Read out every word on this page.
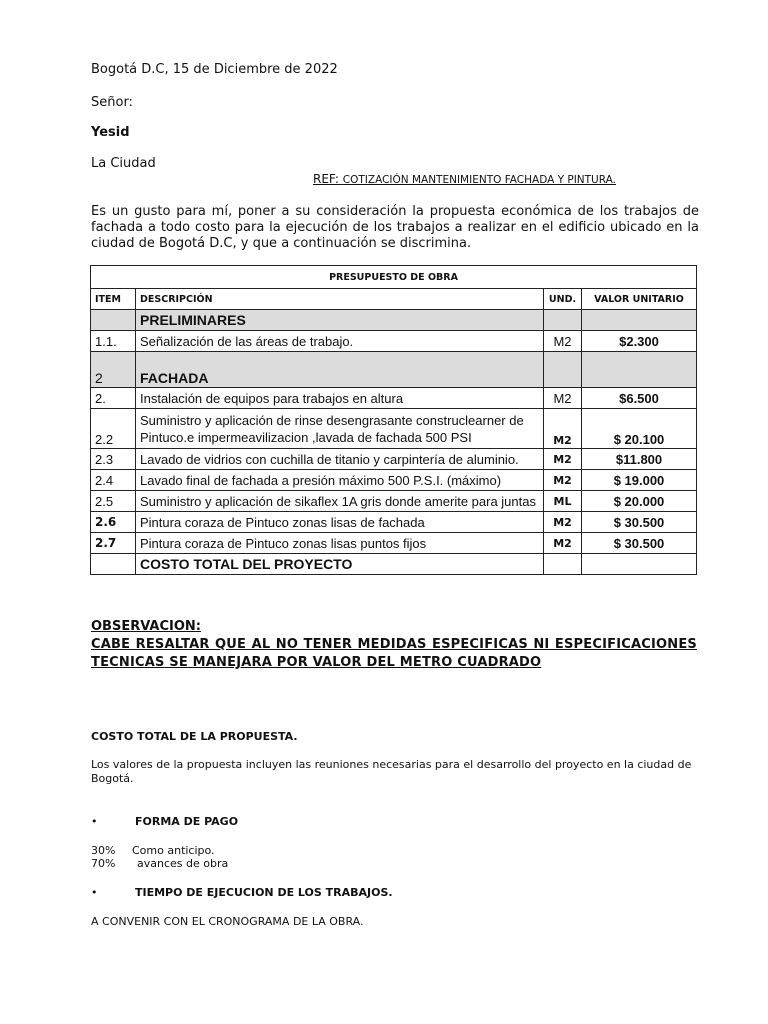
Bogotá D.C, 15 de Diciembre de 2022
Señor:
Yesid
La Ciudad
REF: COTIZACIÓN MANTENIMIENTO FACHADA Y PINTURA.
Es un gusto para mí, poner a su consideración la propuesta económica de los trabajos de fachada a todo costo para la ejecución de los trabajos a realizar en el edificio ubicado en la ciudad de Bogotá D.C, y que a continuación se discrimina.
PRESUPUESTO DE OBRA			
ITEM	DESCRIPCIÓN	UND.	VALOR UNITARIO
	PRELIMINARES		
1.1.	Señalización de las áreas de trabajo.	M2	$2.300
2	FACHADA		
2.	Instalación de equipos para trabajos en altura	M2	$6.500
2.2	Suministro y aplicación de rinse desengrasante construclearner de
Pintuco.e impermeavilizacion ,lavada de fachada 500 PSI	M2	$ 20.100
2.3	Lavado de vidrios con cuchilla de titanio y carpintería de aluminio.	M2	$11.800
2.4	Lavado final de fachada a presión máximo 500 P.S.I. (máximo)	M2	$ 19.000
2.5	Suministro y aplicación de sikaflex 1A gris donde amerite para juntas	ML	$ 20.000
2.6	Pintura coraza de Pintuco zonas lisas de fachada	M2	$ 30.500
2.7	Pintura coraza de Pintuco zonas lisas puntos fijos	M2	$ 30.500
	COSTO TOTAL DEL PROYECTO		
OBSERVACION:
CABE RESALTAR QUE AL NO TENER MEDIDAS ESPECIFICAS NI ESPECIFICACIONES TECNICAS SE MANEJARA POR VALOR DEL METRO CUADRADO
COSTO TOTAL DE LA PROPUESTA.
Los valores de la propuesta incluyen las reuniones necesarias para el desarrollo del proyecto en la ciudad de Bogotá.
•	FORMA DE PAGO
30% Como anticipo.
70% avances de obra
•	TIEMPO DE EJECUCION DE LOS TRABAJOS.
A CONVENIR CON EL CRONOGRAMA DE LA OBRA.
